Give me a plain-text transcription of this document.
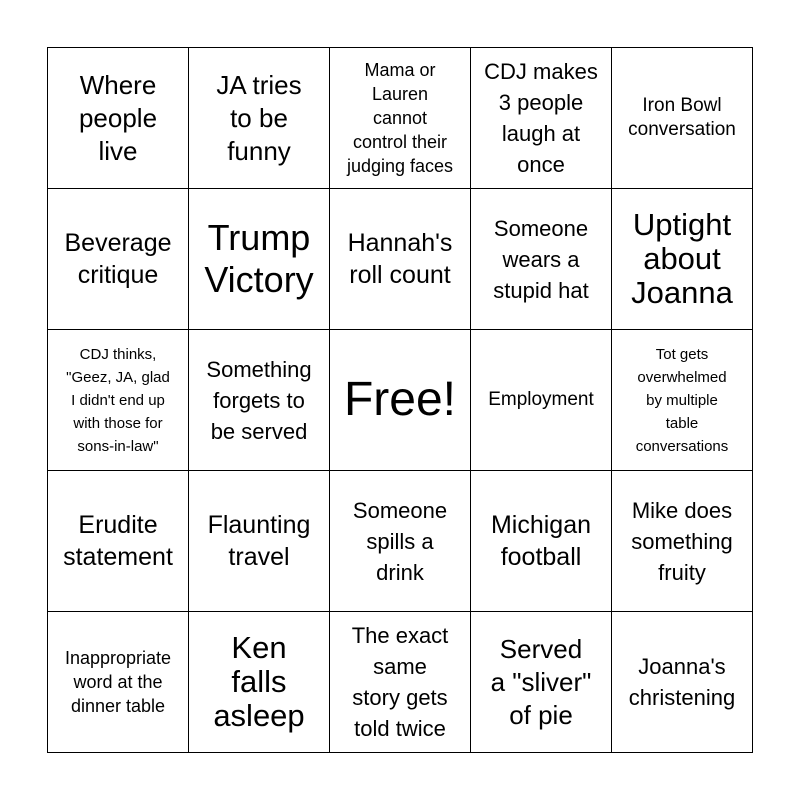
Where
people
live
JA tries
to be
funny
Mama or
Lauren
cannot
control their
judging faces
CDJ makes
3 people
laugh at
once
Iron Bowl
conversation
Beverage
critique
Trump
Victory
Hannah's
roll count
Someone
wears a
stupid hat
Uptight
about
Joanna
CDJ thinks,
"Geez, JA, glad
I didn't end up
with those for
sons-in-law"
Something
forgets to
be served
Free! Employment
Tot gets
overwhelmed
by multiple
table
conversations
Erudite
statement
Flaunting
travel
Someone
spills a
drink
Michigan
football
Mike does
something
fruity
Inappropriate
word at the
dinner table
Ken
falls
asleep
The exact
same
story gets
told twice
Served
a "sliver"
of pie
Joanna's
christening
